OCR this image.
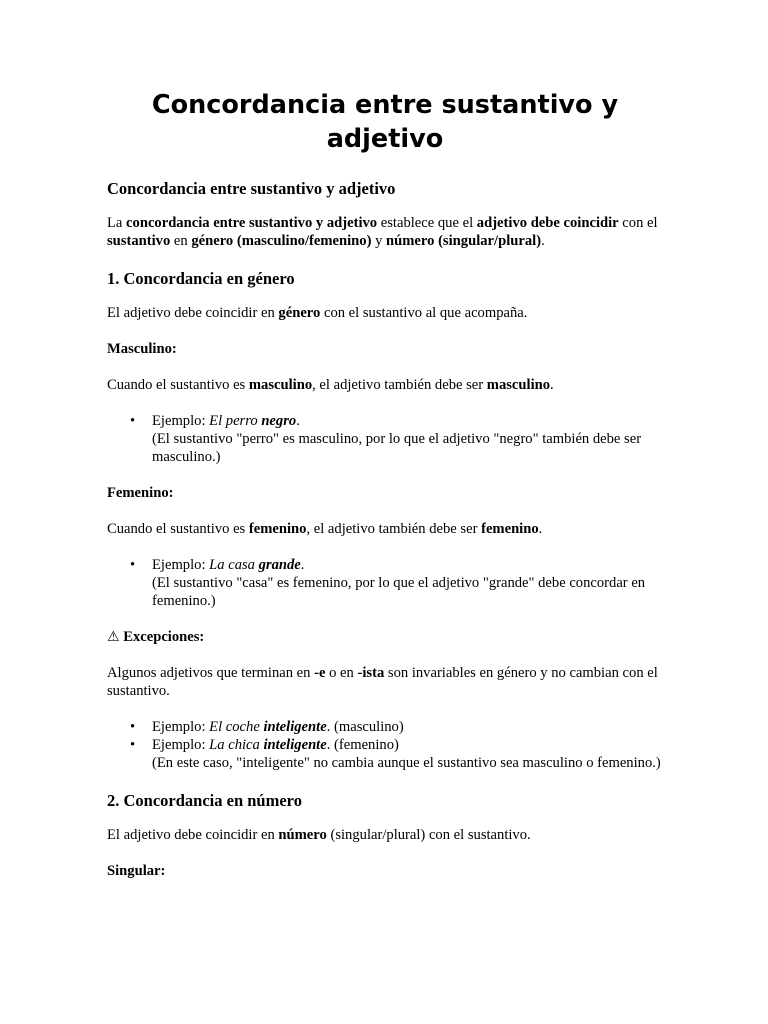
Concordancia entre sustantivo y adjetivo
Concordancia entre sustantivo y adjetivo

La concordancia entre sustantivo y adjetivo establece que el adjetivo debe coincidir con el sustantivo en género (masculino/femenino) y número (singular/plural).

1. Concordancia en género

El adjetivo debe coincidir en género con el sustantivo al que acompaña.

Masculino:

Cuando el sustantivo es masculino, el adjetivo también debe ser masculino.

• Ejemplo: El perro negro.
(El sustantivo "perro" es masculino, por lo que el adjetivo "negro" también debe ser masculino.)
Femenino:

Cuando el sustantivo es femenino, el adjetivo también debe ser femenino.

• Ejemplo: La casa grande.
(El sustantivo "casa" es femenino, por lo que el adjetivo "grande" debe concordar en femenino.)
⚠ Excepciones:

Algunos adjetivos que terminan en -e o en -ista son invariables en género y no cambian con el sustantivo.

• Ejemplo: El coche inteligente. (masculino)
• Ejemplo: La chica inteligente. (femenino)
(En este caso, "inteligente" no cambia aunque el sustantivo sea masculino o femenino.)
2. Concordancia en número

El adjetivo debe coincidir en número (singular/plural) con el sustantivo.

Singular:
